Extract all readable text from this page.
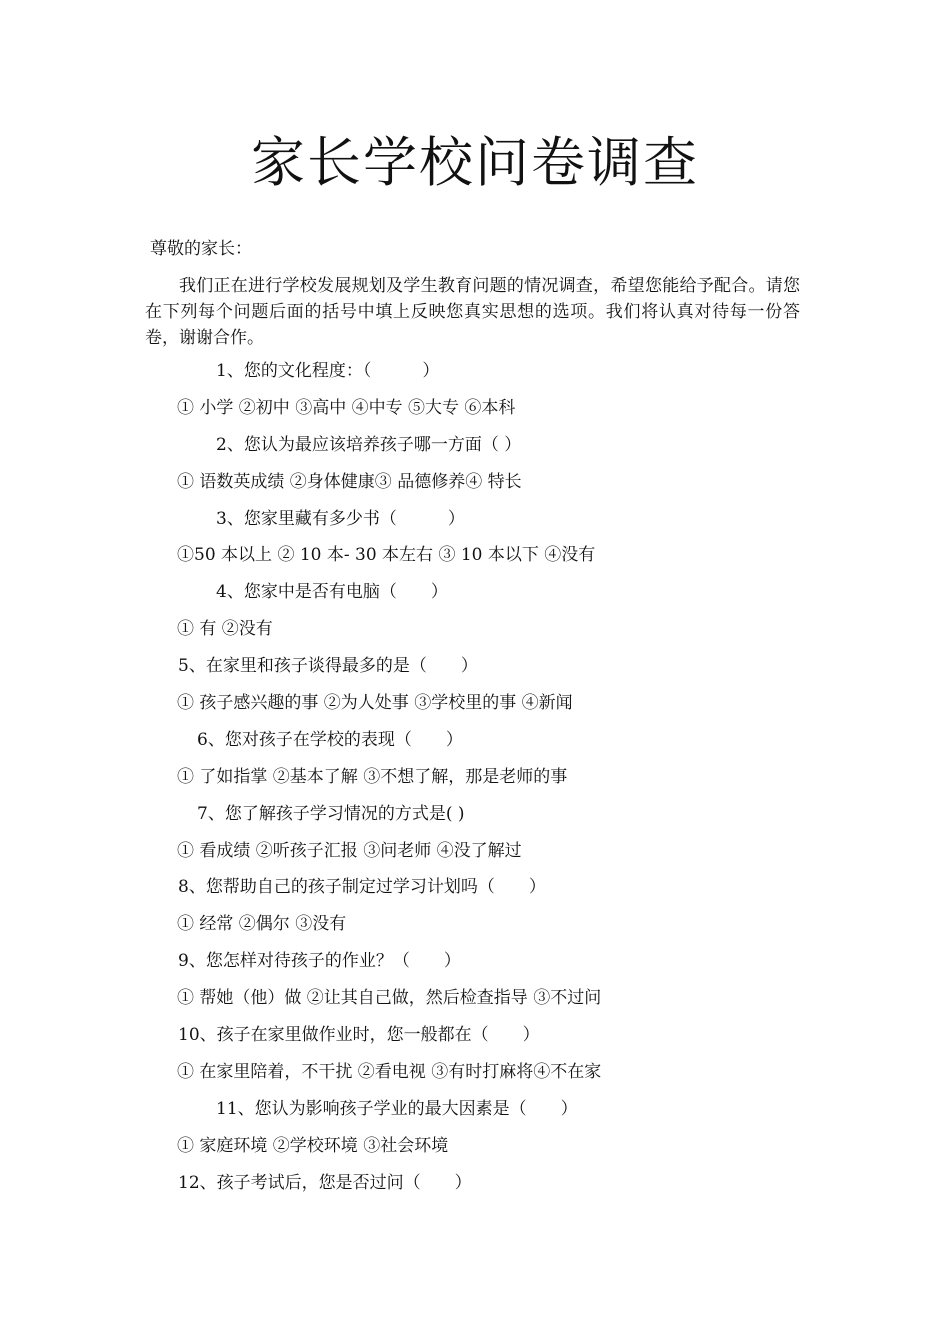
家长学校问卷调查
尊敬的家长：

我们正在进行学校发展规划及学生教育问题的情况调查，希望您能给予配合。请您在下列每个问题后面的括号中填上反映您真实思想的选项。我们将认真对待每一份答卷，谢谢合作。

1、您的文化程度：（　　　）
① 小学 ②初中 ③高中 ④中专 ⑤大专 ⑥本科
2、您认为最应该培养孩子哪一方面（ ）
① 语数英成绩 ②身体健康③ 品德修养④ 特长
3、您家里藏有多少书（　　　）
①50 本以上 ② 10 本- 30 本左右 ③ 10 本以下 ④没有
4、您家中是否有电脑（　　）
① 有 ②没有
5、在家里和孩子谈得最多的是（　　）
① 孩子感兴趣的事 ②为人处事 ③学校里的事 ④新闻
6、您对孩子在学校的表现（　　）
① 了如指掌 ②基本了解 ③不想了解，那是老师的事
7、您了解孩子学习情况的方式是( )
① 看成绩 ②听孩子汇报 ③问老师 ④没了解过
8、您帮助自己的孩子制定过学习计划吗（　　）
① 经常 ②偶尔 ③没有
9、您怎样对待孩子的作业？（　　）
① 帮她（他）做 ②让其自己做，然后检查指导 ③不过问
10、孩子在家里做作业时，您一般都在（　　）
① 在家里陪着，不干扰 ②看电视 ③有时打麻将④不在家
11、您认为影响孩子学业的最大因素是（　　）
① 家庭环境 ②学校环境 ③社会环境
12、孩子考试后，您是否过问（　　）
